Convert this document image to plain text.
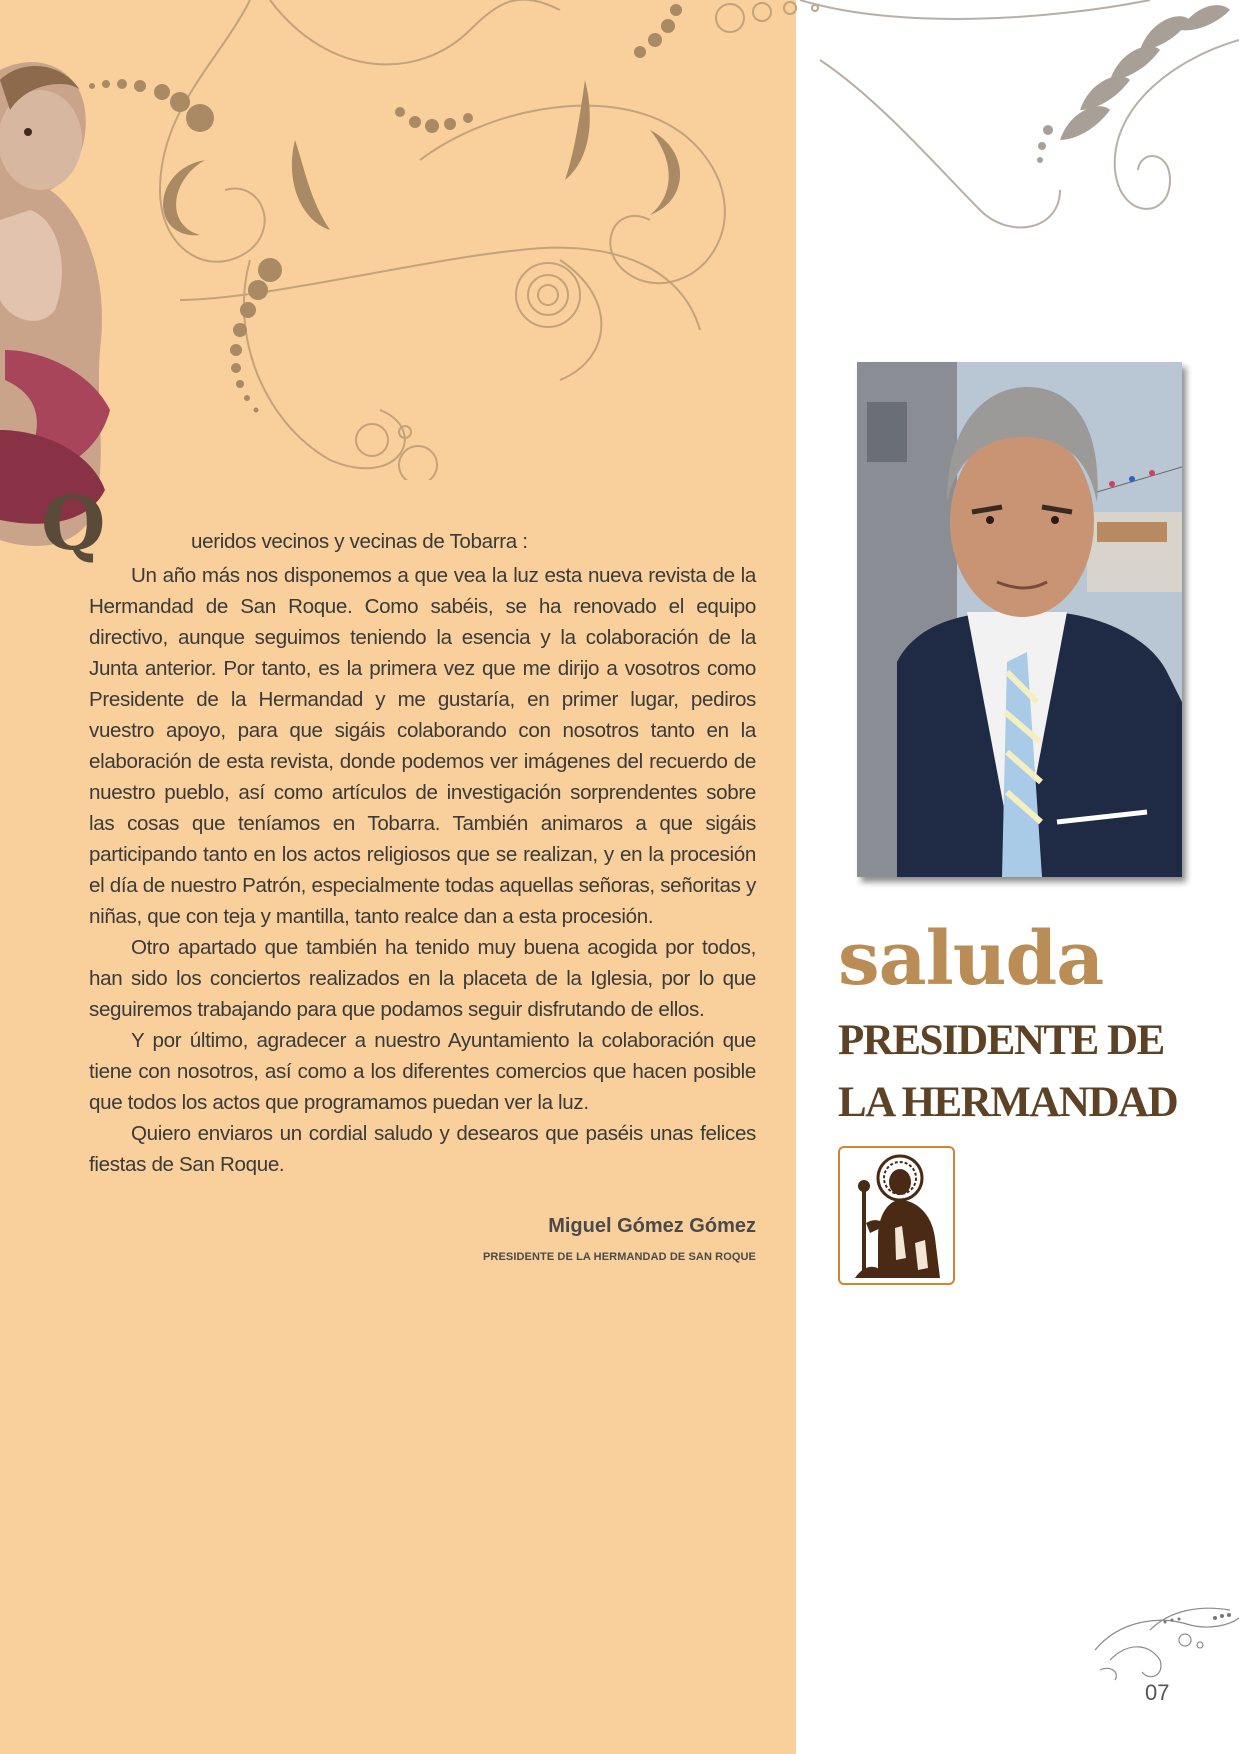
Q	ueridos vecinos y vecinas de Tobarra :

Un año más nos disponemos a que vea la luz esta nueva revista de la Hermandad de San Roque. Como sabéis, se ha renovado el equipo directivo, aunque seguimos teniendo la esencia y la colaboración de la Junta anterior. Por tanto, es la primera vez que me dirijo a vosotros como Presidente de la Hermandad y me gustaría, en primer lugar, pediros vuestro apoyo, para que sigáis colaborando con nosotros tanto en la elaboración de esta revista, donde podemos ver imágenes del recuerdo de nuestro pueblo, así como artículos de investigación sorprendentes sobre las cosas que teníamos en Tobarra. También animaros a que sigáis participando tanto en los actos religiosos que se realizan, y en la procesión el día de nuestro Patrón, especialmente todas aquellas señoras, señoritas y niñas, que con teja y mantilla, tanto realce dan a esta procesión.

Otro apartado que también ha tenido muy buena acogida por todos, han sido los conciertos realizados en la placeta de la Iglesia, por lo que seguiremos trabajando para que podamos seguir disfrutando de ellos.

Y por último, agradecer a nuestro Ayuntamiento la colaboración que tiene con nosotros, así como a los diferentes comercios que hacen posible que todos los actos que programamos puedan ver la luz.

Quiero enviaros un cordial saludo y desearos que paséis unas felices fiestas de San Roque.

Miguel Gómez Gómez
PRESIDENTE DE LA HERMANDAD DE SAN ROQUE
saluda
PRESIDENTE DE
LA HERMANDAD
07
